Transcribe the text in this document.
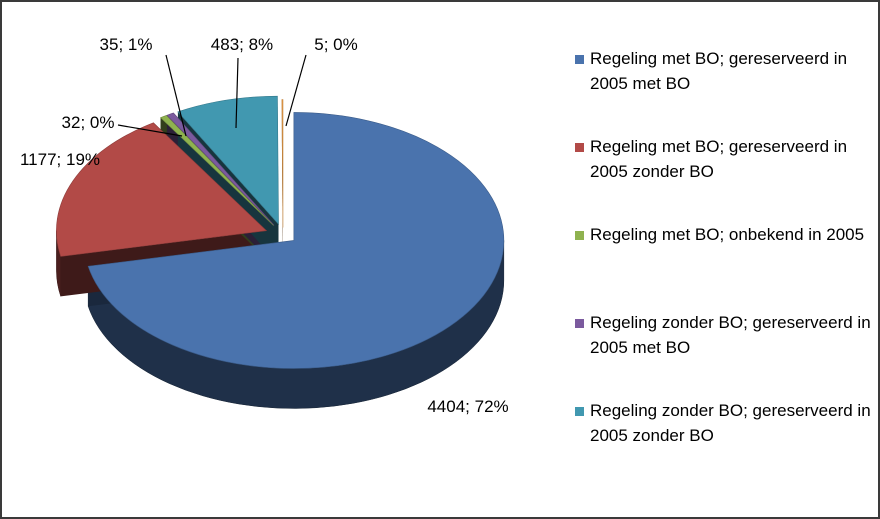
4404; 72%
1177; 19%
32; 0%
35; 1%	483; 8% 5; 0%
Regeling met BO; gereserveerd in 2005 met BO
Regeling met BO; gereserveerd in 2005 zonder BO
Regeling met BO; onbekend in 2005
Regeling zonder BO; gereserveerd in 2005 met BO
Regeling zonder BO; gereserveerd in 2005 zonder BO
